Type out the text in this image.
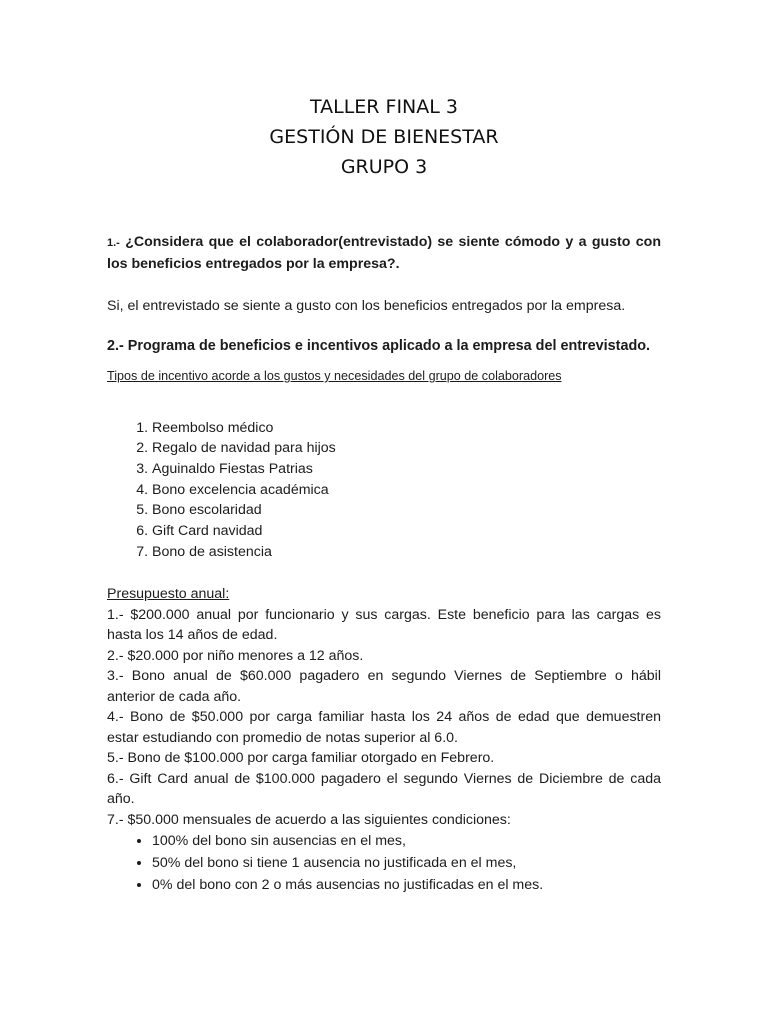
TALLER FINAL 3
GESTIÓN DE BIENESTAR
GRUPO 3

1.- ¿Considera que el colaborador(entrevistado) se siente cómodo y a gusto con los beneficios entregados por la empresa?.

Si, el entrevistado se siente a gusto con los beneficios entregados por la empresa.

2.- Programa de beneficios e incentivos aplicado a la empresa del entrevistado.

Tipos de incentivo acorde a los gustos y necesidades del grupo de colaboradores

1. Reembolso médico
2. Regalo de navidad para hijos
3. Aguinaldo Fiestas Patrias
4. Bono excelencia académica
5. Bono escolaridad
6. Gift Card navidad
7. Bono de asistencia

Presupuesto anual:

1.- $200.000 anual por funcionario y sus cargas. Este beneficio para las cargas es hasta los 14 años de edad.

2.- $20.000 por niño menores a 12 años.

3.- Bono anual de $60.000 pagadero en segundo Viernes de Septiembre o hábil anterior de cada año.

4.- Bono de $50.000 por carga familiar hasta los 24 años de edad que demuestren estar estudiando con promedio de notas superior al 6.0.

5.- Bono de $100.000 por carga familiar otorgado en Febrero.

6.- Gift Card anual de $100.000 pagadero el segundo Viernes de Diciembre de cada año.

7.- $50.000 mensuales de acuerdo a las siguientes condiciones:

• 100% del bono sin ausencias en el mes,
• 50% del bono si tiene 1 ausencia no justificada en el mes,
• 0% del bono con 2 o más ausencias no justificadas en el mes.
